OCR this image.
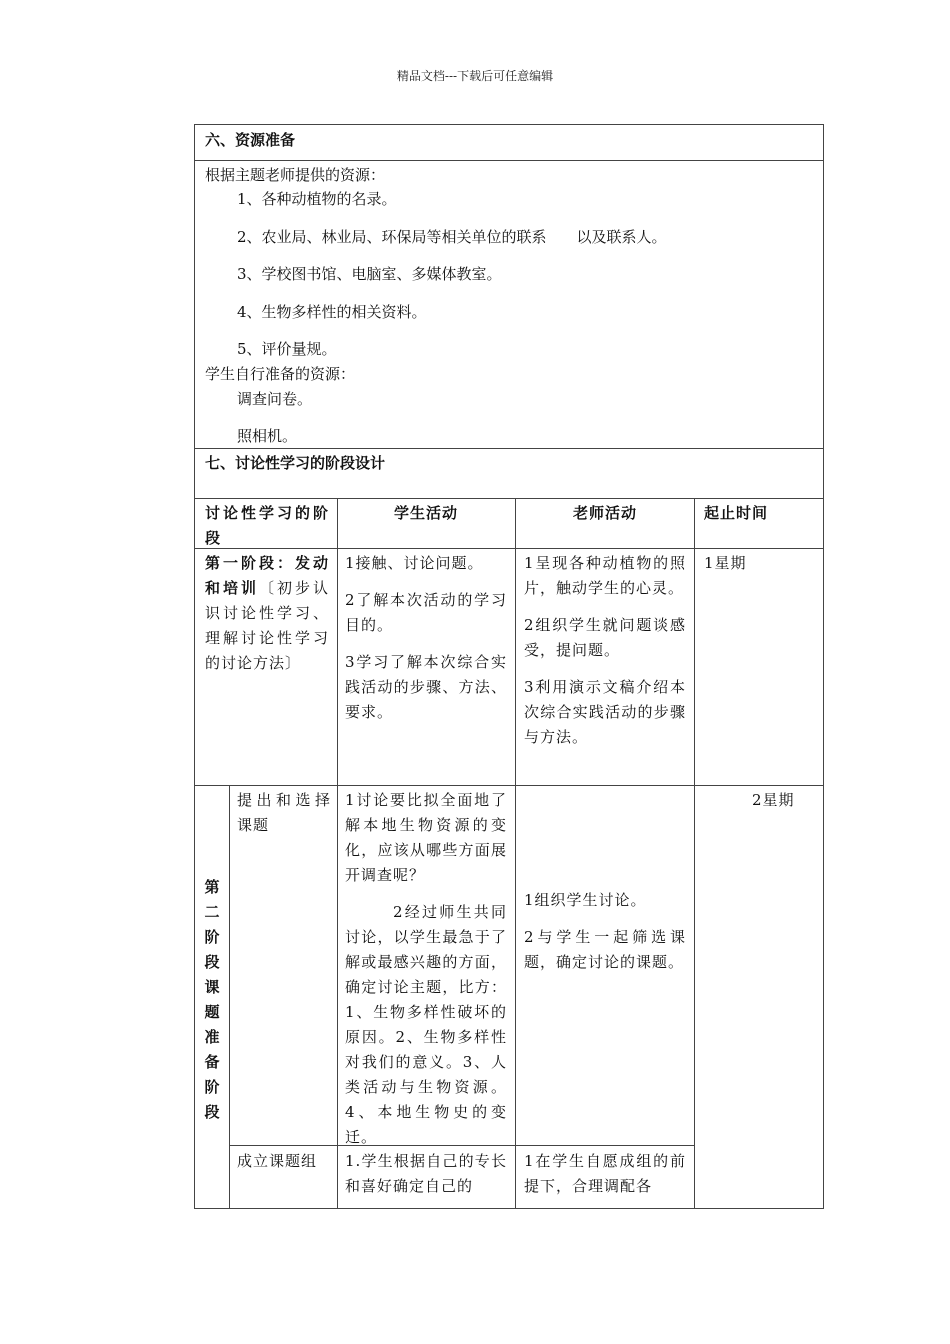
精品文档---下载后可任意编辑
六、资源准备
根据主题老师提供的资源：
1、各种动植物的名录。
2、农业局、林业局、环保局等相关单位的联系　　以及联系人。
3、学校图书馆、电脑室、多媒体教室。
4、生物多样性的相关资料。
5、评价量规。
学生自行准备的资源：
调查问卷。
照相机。
七、讨论性学习的阶段设计
讨论性学习的阶段
老师活动
学生活动	起止时间
第一阶段：发动和培训〔初步认识讨论性学习、理解讨论性学习的讨论方法〕

1接触、讨论问题。

2了解本次活动的学习目的。

3学习了解本次综合实践活动的步骤、方法、要求。

1呈现各种动植物的照片，触动学生的心灵。

2组织学生就问题谈感受，提问题。

3利用演示文稿介绍本次综合实践活动的步骤与方法。

1星期
第二阶段课题准备阶段
提出和选择课题

1讨论要比拟全面地了解本地生物资源的变化，应该从哪些方面展开调查呢？

2经过师生共同讨论，以学生最急于了解或最感兴趣的方面，确定讨论主题，比方：1、生物多样性破坏的原因。2、生物多样性对我们的意义。3、人类活动与生物资源。4、本地生物史的变迁。

1组织学生讨论。

2与学生一起筛选课题，确定讨论的课题。

2星期
成立课题组	1.学生根据自己的专长和喜好确定自己的
1在学生自愿成组的前提下，合理调配各
